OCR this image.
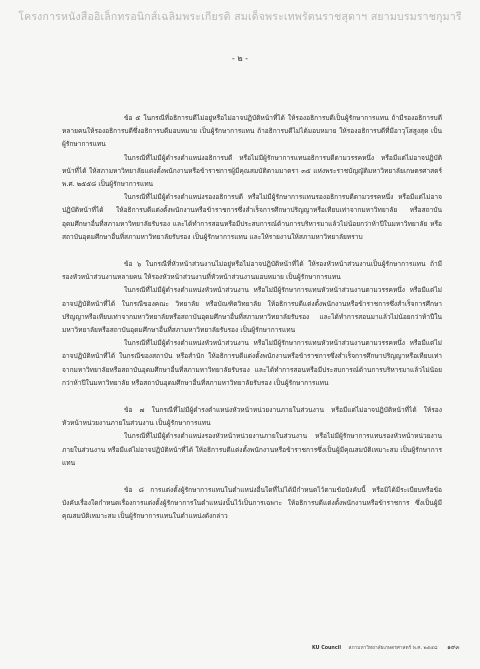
โครงการหนังสืออิเล็กทรอนิกส์เฉลิมพระเกียรติ สมเด็จพระเทพรัตนราชสุดาฯ สยามบรมราชกุมารี
- ๒ -

ข้อ ๕ ในกรณีที่อธิการบดีไม่อยู่หรือไม่อาจปฏิบัติหน้าที่ได้ ให้รองอธิการบดีเป็นผู้รักษาการแทน ถ้ามีรองอธิการบดีหลายคนให้รองอธิการบดีซึ่งอธิการบดีมอบหมาย เป็นผู้รักษาการแทน ถ้าอธิการบดีไม่ได้มอบหมาย ให้รองอธิการบดีที่มีอาวุโสสูงสุด เป็นผู้รักษาการแทน

ในกรณีที่ไม่มีผู้ดำรงตำแหน่งอธิการบดี หรือไม่มีผู้รักษาการแทนอธิการบดีตามวรรคหนึ่ง หรือมีแต่ไม่อาจปฏิบัติหน้าที่ได้ ให้สภามหาวิทยาลัยแต่งตั้งพนักงานหรือข้าราชการผู้มีคุณสมบัติตามมาตรา ๓๕ แห่งพระราชบัญญัติมหาวิทยาลัยเกษตรศาสตร์ พ.ศ. ๒๕๕๘ เป็นผู้รักษาการแทน

ในกรณีที่ไม่มีผู้ดำรงตำแหน่งรองอธิการบดี หรือไม่มีผู้รักษาการแทนรองอธิการบดีตามวรรคหนึ่ง หรือมีแต่ไม่อาจปฏิบัติหน้าที่ได้ ให้อธิการบดีแต่งตั้งพนักงานหรือข้าราชการซึ่งสำเร็จการศึกษาปริญญาหรือเทียบเท่าจากมหาวิทยาลัย หรือสถาบันอุดมศึกษาอื่นที่สภามหาวิทยาลัยรับรอง และได้ทำการสอนหรือมีประสบการณ์ด้านการบริหารมาแล้วไม่น้อยกว่าห้าปีในมหาวิทยาลัย หรือสถาบันอุดมศึกษาอื่นที่สภามหาวิทยาลัยรับรอง เป็นผู้รักษาการแทน และให้รายงานให้สภามหาวิทยาลัยทราบ

ข้อ ๖ ในกรณีที่หัวหน้าส่วนงานไม่อยู่หรือไม่อาจปฏิบัติหน้าที่ได้ ให้รองหัวหน้าส่วนงานเป็นผู้รักษาการแทน ถ้ามีรองหัวหน้าส่วนงานหลายคน ให้รองหัวหน้าส่วนงานที่หัวหน้าส่วนงานมอบหมาย เป็นผู้รักษาการแทน

ในกรณีที่ไม่มีผู้ดำรงตำแหน่งหัวหน้าส่วนงาน หรือไม่มีผู้รักษาการแทนหัวหน้าส่วนงานตามวรรคหนึ่ง หรือมีแต่ไม่อาจปฏิบัติหน้าที่ได้ ในกรณีของคณะ วิทยาลัย หรือบัณฑิตวิทยาลัย ให้อธิการบดีแต่งตั้งพนักงานหรือข้าราชการซึ่งสำเร็จการศึกษาปริญญาหรือเทียบเท่าจากมหาวิทยาลัยหรือสถาบันอุดมศึกษาอื่นที่สภามหาวิทยาลัยรับรอง และได้ทำการสอนมาแล้วไม่น้อยกว่าห้าปีในมหาวิทยาลัยหรือสถาบันอุดมศึกษาอื่นที่สภามหาวิทยาลัยรับรอง เป็นผู้รักษาการแทน

ในกรณีที่ไม่มีผู้ดำรงตำแหน่งหัวหน้าส่วนงาน หรือไม่มีผู้รักษาการแทนหัวหน้าส่วนงานตามวรรคหนึ่ง หรือมีแต่ไม่อาจปฏิบัติหน้าที่ได้ ในกรณีของสถาบัน หรือสำนัก ให้อธิการบดีแต่งตั้งพนักงานหรือข้าราชการซึ่งสำเร็จการศึกษาปริญญาหรือเทียบเท่าจากมหาวิทยาลัยหรือสถาบันอุดมศึกษาอื่นที่สภามหาวิทยาลัยรับรอง และได้ทำการสอนหรือมีประสบการณ์ด้านการบริหารมาแล้วไม่น้อยกว่าห้าปีในมหาวิทยาลัย หรือสถาบันอุดมศึกษาอื่นที่สภามหาวิทยาลัยรับรอง เป็นผู้รักษาการแทน

ข้อ ๗ ในกรณีที่ไม่มีผู้ดำรงตำแหน่งหัวหน้าหน่วยงานภายในส่วนงาน หรือมีแต่ไม่อาจปฏิบัติหน้าที่ได้ ให้รองหัวหน้าหน่วยงานภายในส่วนงาน เป็นผู้รักษาการแทน

ในกรณีที่ไม่มีผู้ดำรงตำแหน่งรองหัวหน้าหน่วยงานภายในส่วนงาน หรือไม่มีผู้รักษาการแทนรองหัวหน้าหน่วยงานภายในส่วนงาน หรือมีแต่ไม่อาจปฏิบัติหน้าที่ได้ ให้อธิการบดีแต่งตั้งพนักงานหรือข้าราชการซึ่งเป็นผู้มีคุณสมบัติเหมาะสม เป็นผู้รักษาการแทน

ข้อ ๘ การแต่งตั้งผู้รักษาการแทนในตำแหน่งอื่นใดที่ไม่ได้มีกำหนดไว้ตามข้อบังคับนี้ หรือมิได้มีระเบียบหรือข้อบังคับเรื่องใดกำหนดเรื่องการแต่งตั้งผู้รักษาการในตำแหน่งนั้นไว้เป็นการเฉพาะ ให้อธิการบดีแต่งตั้งพนักงานหรือข้าราชการ ซึ่งเป็นผู้มีคุณสมบัติเหมาะสม เป็นผู้รักษาการแทนในตำแหน่งดังกล่าว

KU Council สภามหาวิทยาลัยเกษตรศาสตร์ พ.ศ. ๒๕๕๘ ๑๙๓
